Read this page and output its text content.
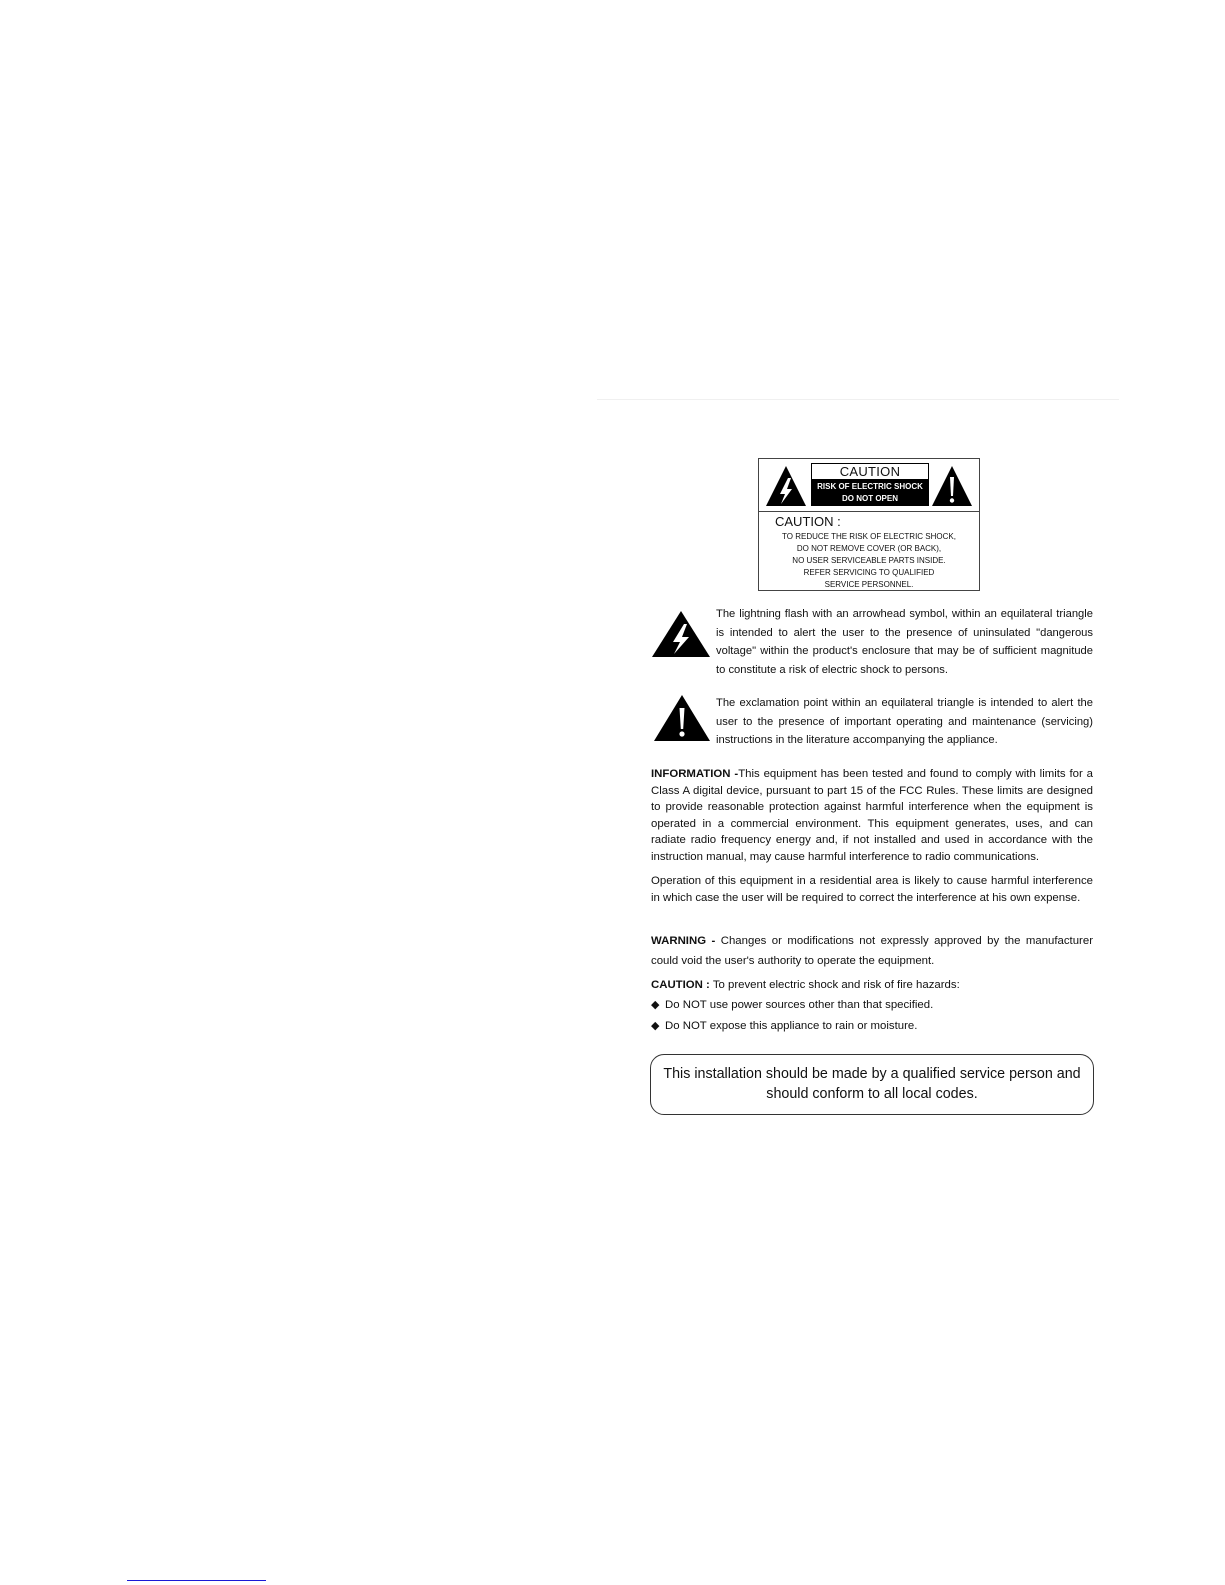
CAUTION
RISK OF ELECTRIC SHOCK
DO NOT OPEN
CAUTION :
TO REDUCE THE RISK OF ELECTRIC SHOCK,
DO NOT REMOVE COVER (OR BACK),
NO USER SERVICEABLE PARTS INSIDE.
REFER SERVICING TO QUALIFIED
SERVICE PERSONNEL.
The lightning flash with an arrowhead symbol, within an equilateral triangle is intended to alert the user to the presence of uninsulated "dangerous voltage" within the product's enclosure that may be of sufficient magnitude to constitute a risk of electric shock to persons.
The exclamation point within an equilateral triangle is intended to alert the user to the presence of important operating and maintenance (servicing) instructions in the literature accompanying the appliance.
INFORMATION -This equipment has been tested and found to comply with limits for a Class A digital device, pursuant to part 15 of the FCC Rules. These limits are designed to provide reasonable protection against harmful interference when the equipment is operated in a commercial environment. This equipment generates, uses, and can radiate radio frequency energy and, if not installed and used in accordance with the instruction manual, may cause harmful interference to radio communications.
Operation of this equipment in a residential area is likely to cause harmful interference in which case the user will be required to correct the interference at his own expense.
WARNING - Changes or modifications not expressly approved by the manufacturer could void the user's authority to operate the equipment.
CAUTION : To prevent electric shock and risk of fire hazards:
◆ Do NOT use power sources other than that specified.
◆ Do NOT expose this appliance to rain or moisture.
This installation should be made by a qualified service person and should conform to all local codes.
